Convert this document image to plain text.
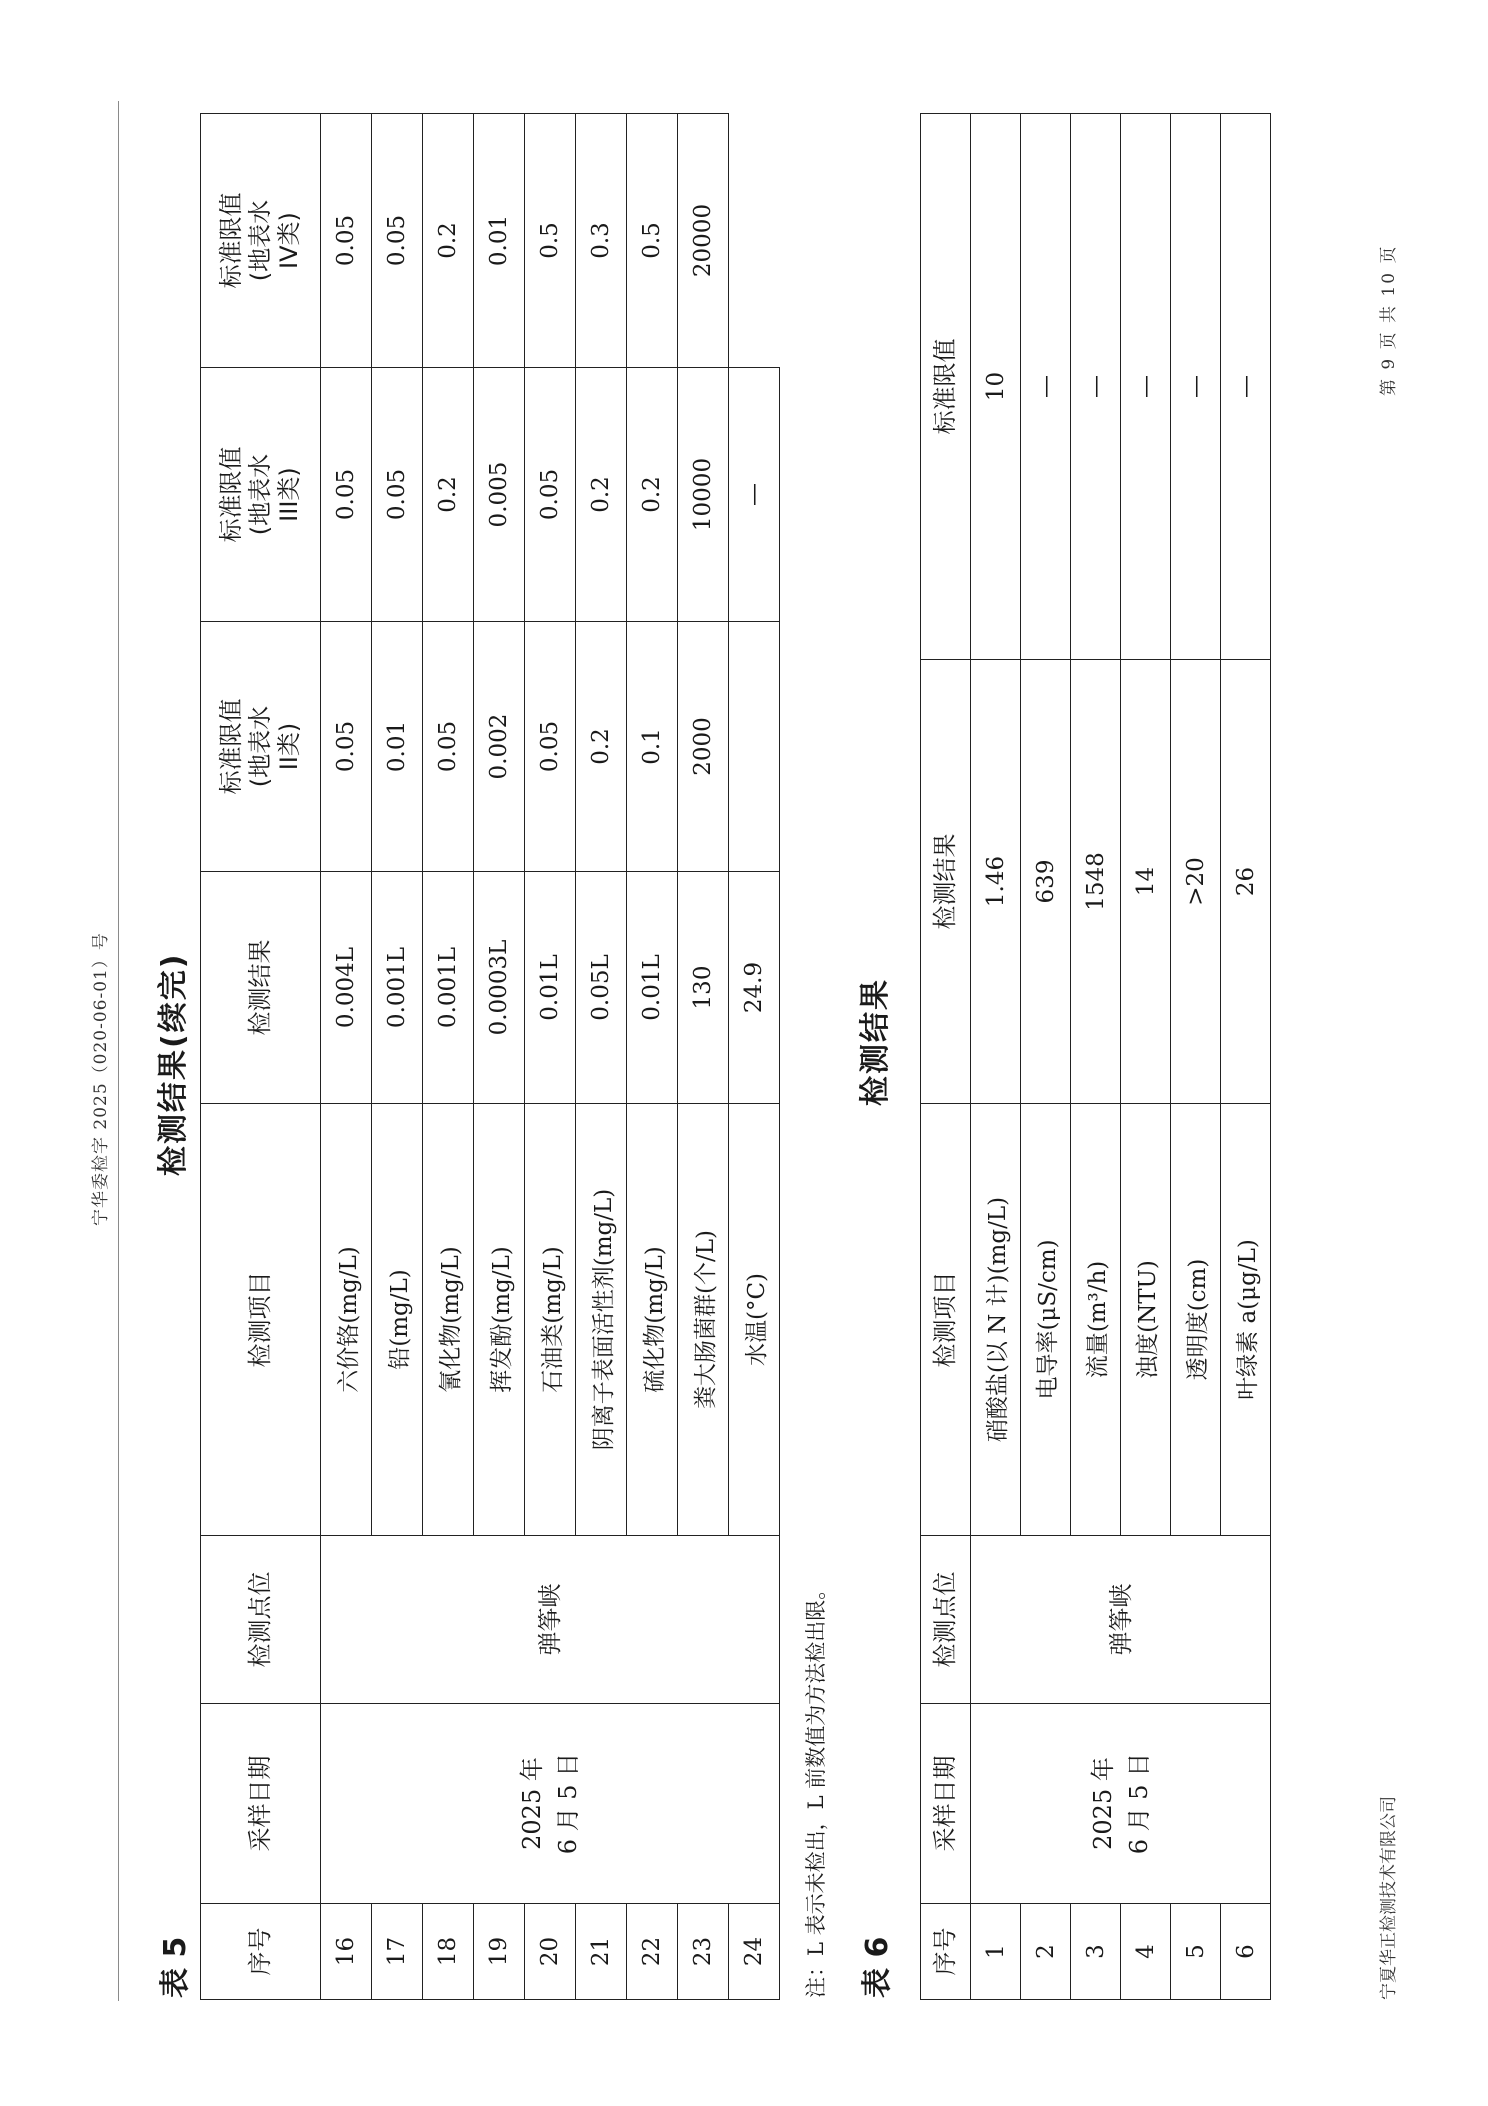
宁华委检字 2025（020-06-01）号
表 5
检测结果(续完)
序号	采样日期	检测点位	检测项目	检测结果	标准限值
(地表水
II类)	标准限值
(地表水
III类)	标准限值
(地表水
IV类)
16	2025 年
6 月 5 日	弹筝峡	六价铬(mg/L)	0.004L	0.05	0.05	0.05
17			铅(mg/L)	0.001L	0.01	0.05	0.05
18			氰化物(mg/L)	0.001L	0.05	0.2	0.2
19			挥发酚(mg/L)	0.0003L	0.002	0.005	0.01
20			石油类(mg/L)	0.01L	0.05	0.05	0.5
21			阴离子表面活性剂(mg/L)	0.05L	0.2	0.2	0.3
22			硫化物(mg/L)	0.01L	0.1	0.2	0.5
23			粪大肠菌群(个/L)	130	2000	10000	20000
24			水温(°C)	24.9		—	
注：L 表示未检出，L 前数值为方法检出限。 表 6
检测结果
序号	采样日期	检测点位	检测项目	检测结果	标准限值
1	2025 年
6 月 5 日	弹筝峡	硝酸盐(以 N 计)(mg/L)	1.46	10
2			电导率(μS/cm)	639	—
3			流量(m³/h)	1548	—
4			浊度(NTU)	14	—
5			透明度(cm)	>20	—
6			叶绿素 a(μg/L)	26	—
宁夏华正检测技术有限公司
第 9 页 共 10 页
